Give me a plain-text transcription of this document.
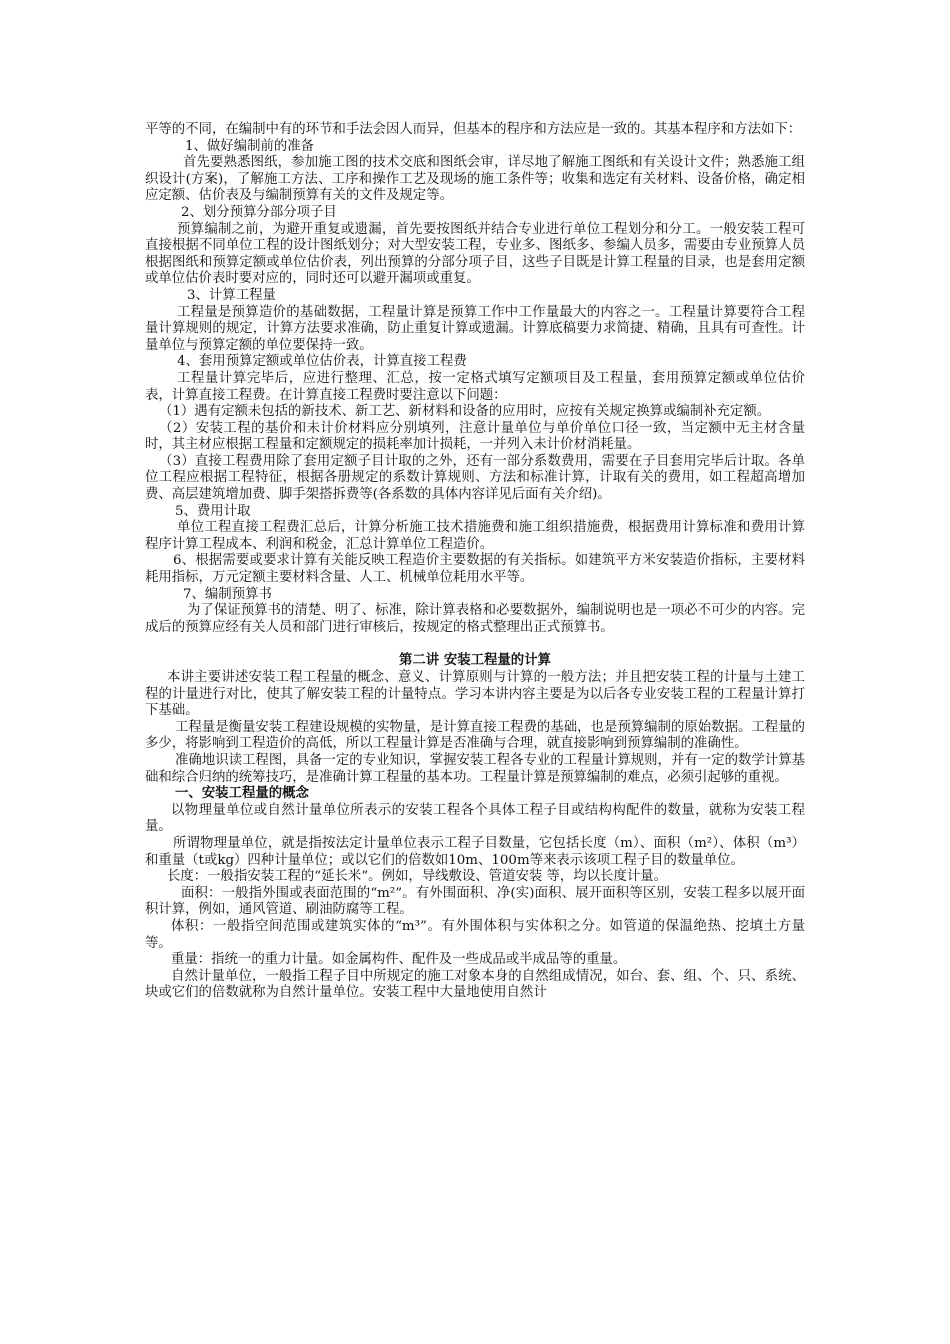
平等的不同，在编制中有的环节和手法会因人而异，但基本的程序和方法应是一致的。其基本程序和方法如下：

1、做好编制前的准备

首先要熟悉图纸，参加施工图的技术交底和图纸会审，详尽地了解施工图纸和有关设计文件；熟悉施工组织设计(方案)，了解施工方法、工序和操作工艺及现场的施工条件等；收集和选定有关材料、设备价格，确定相应定额、估价表及与编制预算有关的文件及规定等。

2、划分预算分部分项子目

预算编制之前，为避开重复或遗漏，首先要按图纸并结合专业进行单位工程划分和分工。一般安装工程可直接根据不同单位工程的设计图纸划分；对大型安装工程，专业多、图纸多、参编人员多，需要由专业预算人员根据图纸和预算定额或单位估价表，列出预算的分部分项子目，这些子目既是计算工程量的目录，也是套用定额或单位估价表时要对应的，同时还可以避开漏项或重复。

3、计算工程量

工程量是预算造价的基础数据，工程量计算是预算工作中工作量最大的内容之一。工程量计算要符合工程量计算规则的规定，计算方法要求准确，防止重复计算或遗漏。计算底稿要力求简捷、精确，且具有可查性。计量单位与预算定额的单位要保持一致。

4、套用预算定额或单位估价表，计算直接工程费

工程量计算完毕后，应进行整理、汇总，按一定格式填写定额项目及工程量，套用预算定额或单位估价表，计算直接工程费。在计算直接工程费时要注意以下问题：

（1）遇有定额未包括的新技术、新工艺、新材料和设备的应用时，应按有关规定换算或编制补充定额。

（2）安装工程的基价和未计价材料应分别填列，注意计量单位与单价单位口径一致，当定额中无主材含量时，其主材应根据工程量和定额规定的损耗率加计损耗，一并列入未计价材消耗量。

（3）直接工程费用除了套用定额子目计取的之外，还有一部分系数费用，需要在子目套用完毕后计取。各单位工程应根据工程特征，根据各册规定的系数计算规则、方法和标准计算，计取有关的费用，如工程超高增加费、高层建筑增加费、脚手架搭拆费等(各系数的具体内容详见后面有关介绍)。

5、费用计取

单位工程直接工程费汇总后，计算分析施工技术措施费和施工组织措施费，根据费用计算标准和费用计算程序计算工程成本、利润和税金，汇总计算单位工程造价。

6、根据需要或要求计算有关能反映工程造价主要数据的有关指标。如建筑平方米安装造价指标，主要材料耗用指标，万元定额主要材料含量、人工、机械单位耗用水平等。

7、编制预算书

为了保证预算书的清楚、明了、标准，除计算表格和必要数据外，编制说明也是一项必不可少的内容。完成后的预算应经有关人员和部门进行审核后，按规定的格式整理出正式预算书。

第二讲 安装工程量的计算

本讲主要讲述安装工程工程量的概念、意义、计算原则与计算的一般方法；并且把安装工程的计量与土建工程的计量进行对比，使其了解安装工程的计量特点。学习本讲内容主要是为以后各专业安装工程的工程量计算打下基础。

工程量是衡量安装工程建设规模的实物量，是计算直接工程费的基础，也是预算编制的原始数据。工程量的多少，将影响到工程造价的高低，所以工程量计算是否准确与合理，就直接影响到预算编制的准确性。

准确地识读工程图，具备一定的专业知识，掌握安装工程各专业的工程量计算规则，并有一定的数学计算基础和综合归纳的统筹技巧，是准确计算工程量的基本功。工程量计算是预算编制的难点，必须引起够的重视。

一、安装工程量的概念

以物理量单位或自然计量单位所表示的安装工程各个具体工程子目或结构构配件的数量，就称为安装工程量。

所谓物理量单位，就是指按法定计量单位表示工程子目数量，它包括长度（m）、面积（m²）、体积（m³）和重量（t或kg）四种计量单位；或以它们的倍数如10m、100m等来表示该项工程子目的数量单位。

长度：一般指安装工程的“延长米”。例如，导线敷设、管道安装 等，均以长度计量。

面积：一般指外围或表面范围的“m²”。有外围面积、净(实)面积、展开面积等区别，安装工程多以展开面积计算，例如，通风管道、刷油防腐等工程。

体积：一般指空间范围或建筑实体的“m³”。有外围体积与实体积之分。如管道的保温绝热、挖填土方量等。

重量：指统一的重力计量。如金属构件、配件及一些成品或半成品等的重量。

自然计量单位，一般指工程子目中所规定的施工对象本身的自然组成情况，如台、套、组、个、只、系统、块或它们的倍数就称为自然计量单位。安装工程中大量地使用自然计
